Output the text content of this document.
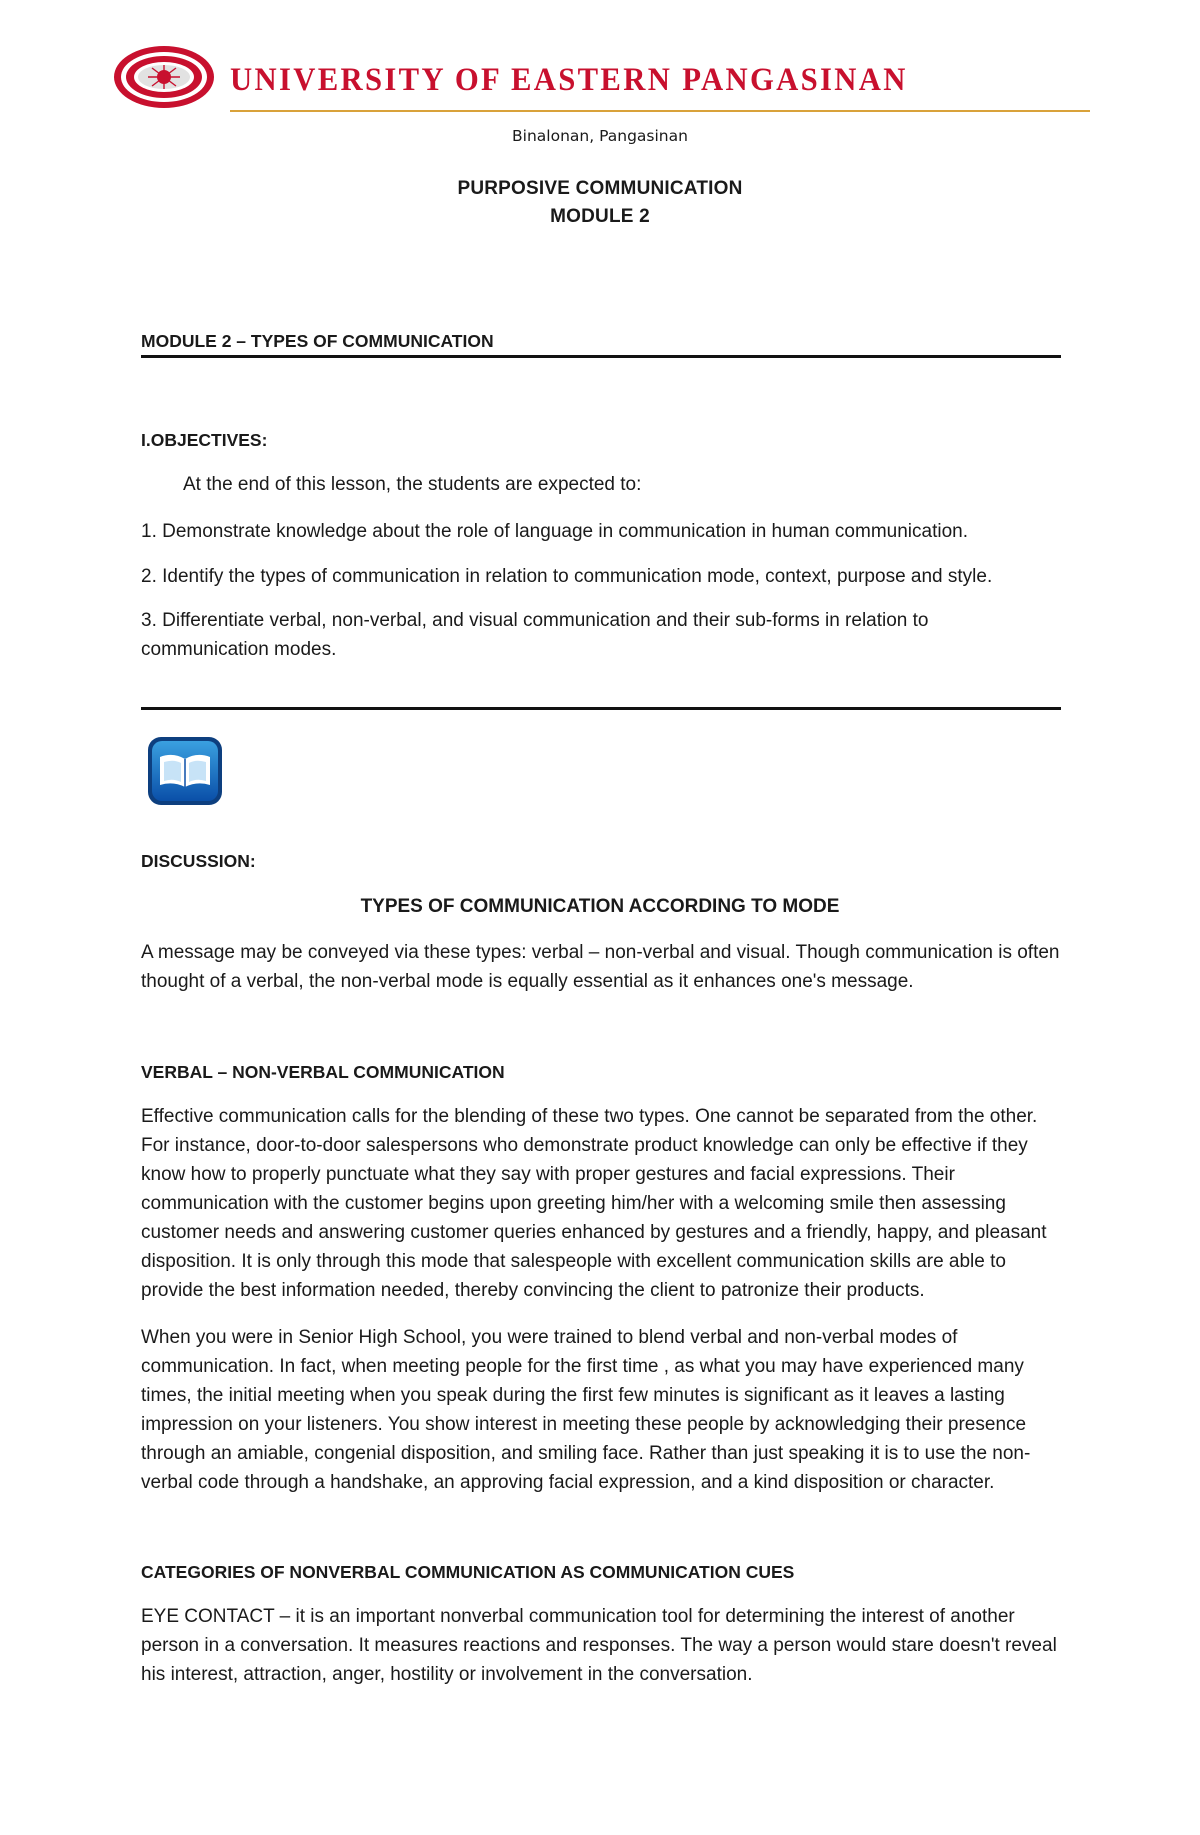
UNIVERSITY OF EASTERN PANGASINAN
Binalonan, Pangasinan
PURPOSIVE COMMUNICATION
MODULE 2
MODULE 2 – TYPES OF COMMUNICATION
I.OBJECTIVES:
At the end of this lesson, the students are expected to:
1. Demonstrate knowledge about the role of language in communication in human communication.
2. Identify the types of communication in relation to communication mode, context, purpose and style.
3. Differentiate verbal, non-verbal, and visual communication and their sub-forms in relation to communication modes.
DISCUSSION:
TYPES OF COMMUNICATION ACCORDING TO MODE
A message may be conveyed via these types: verbal – non-verbal and visual. Though communication is often thought of a verbal, the non-verbal mode is equally essential as it enhances one's message.
VERBAL – NON-VERBAL COMMUNICATION
Effective communication calls for the blending of these two types. One cannot be separated from the other. For instance, door-to-door salespersons who demonstrate product knowledge can only be effective if they know how to properly punctuate what they say with proper gestures and facial expressions. Their communication with the customer begins upon greeting him/her with a welcoming smile then assessing customer needs and answering customer queries enhanced by gestures and a friendly, happy, and pleasant disposition. It is only through this mode that salespeople with excellent communication skills are able to provide the best information needed, thereby convincing the client to patronize their products.
When you were in Senior High School, you were trained to blend verbal and non-verbal modes of communication. In fact, when meeting people for the first time , as what you may have experienced many times, the initial meeting when you speak during the first few minutes is significant as it leaves a lasting impression on your listeners. You show interest in meeting these people by acknowledging their presence through an amiable, congenial disposition, and smiling face. Rather than just speaking it is to use the non-verbal code through a handshake, an approving facial expression, and a kind disposition or character.
CATEGORIES OF NONVERBAL COMMUNICATION AS COMMUNICATION CUES
EYE CONTACT – it is an important nonverbal communication tool for determining the interest of another person in a conversation. It measures reactions and responses. The way a person would stare doesn't reveal his interest, attraction, anger, hostility or involvement in the conversation.
